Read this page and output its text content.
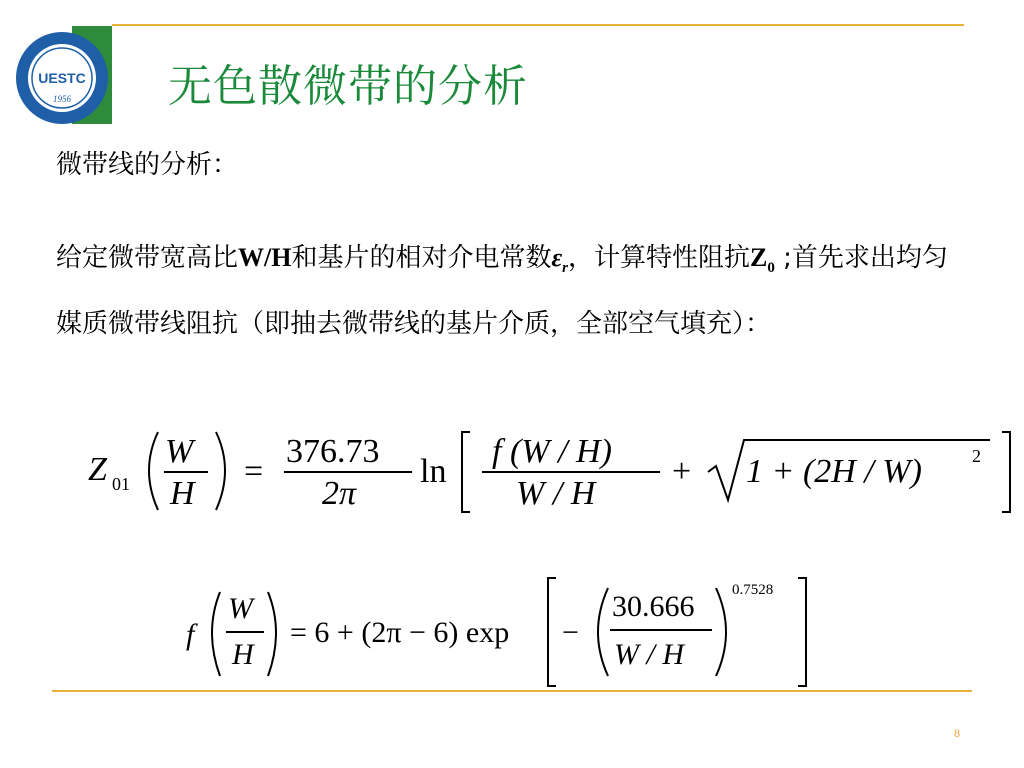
UESTC
1956 无色散微带的分析
微带线的分析：
给定微带宽高比W/H和基片的相对介电常数$\varepsilon_r$，计算特性阻抗$Z_0$ ;首先求出均匀媒质微带线阻抗（即抽去微带线的基片介质，全部空气填充）：
Z 01
W
H
=
376.73
2π
ln
f (W / H)
W / H
+ 1 + (2H / W)	2
f
W
H
= 6 + (2π − 6) exp −
30.666
W / H
0.7528
8
